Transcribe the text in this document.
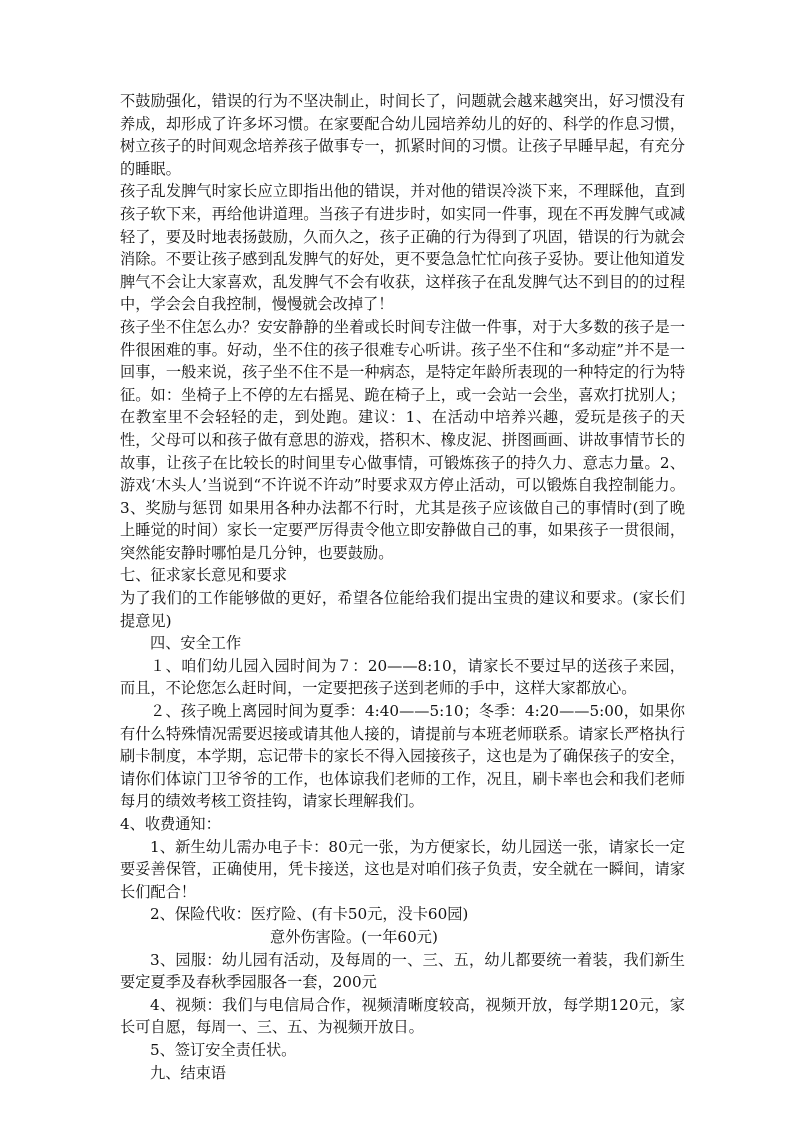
不鼓励强化，错误的行为不坚决制止，时间长了，问题就会越来越突出，好习惯没有养成，却形成了许多坏习惯。在家要配合幼儿园培养幼儿的好的、科学的作息习惯，树立孩子的时间观念培养孩子做事专一，抓紧时间的习惯。让孩子早睡早起，有充分的睡眠。

孩子乱发脾气时家长应立即指出他的错误，并对他的错误冷淡下来，不理睬他，直到孩子软下来，再给他讲道理。当孩子有进步时，如实同一件事，现在不再发脾气或减轻了，要及时地表扬鼓励，久而久之，孩子正确的行为得到了巩固，错误的行为就会消除。不要让孩子感到乱发脾气的好处，更不要急急忙忙向孩子妥协。要让他知道发脾气不会让大家喜欢，乱发脾气不会有收获，这样孩子在乱发脾气达不到目的的过程中，学会会自我控制，慢慢就会改掉了！

孩子坐不住怎么办？安安静静的坐着或长时间专注做一件事，对于大多数的孩子是一件很困难的事。好动，坐不住的孩子很难专心听讲。孩子坐不住和“多动症”并不是一回事，一般来说，孩子坐不住不是一种病态，是特定年龄所表现的一种特定的行为特征。如：坐椅子上不停的左右摇晃、跪在椅子上，或一会站一会坐，喜欢打扰别人；在教室里不会轻轻的走，到处跑。建议：1、在活动中培养兴趣，爱玩是孩子的天性，父母可以和孩子做有意思的游戏，搭积木、橡皮泥、拼图画画、讲故事情节长的故事，让孩子在比较长的时间里专心做事情，可锻炼孩子的持久力、意志力量。2、游戏‘木头人’当说到“不许说不许动”时要求双方停止活动，可以锻炼自我控制能力。3、奖励与惩罚 如果用各种办法都不行时，尤其是孩子应该做自己的事情时(到了晚上睡觉的时间）家长一定要严厉得责令他立即安静做自己的事，如果孩子一贯很闹，突然能安静时哪怕是几分钟，也要鼓励。

七、征求家长意见和要求

为了我们的工作能够做的更好，希望各位能给我们提出宝贵的建议和要求。(家长们提意见)

四、安全工作

１、咱们幼儿园入园时间为７：20——8:10，请家长不要过早的送孩子来园，而且，不论您怎么赶时间，一定要把孩子送到老师的手中，这样大家都放心。

２、孩子晚上离园时间为夏季：4:40——5:10；冬季：4:20——5:00，如果你有什么特殊情况需要迟接或请其他人接的，请提前与本班老师联系。请家长严格执行刷卡制度，本学期，忘记带卡的家长不得入园接孩子，这也是为了确保孩子的安全，请你们体谅门卫爷爷的工作，也体谅我们老师的工作，况且，刷卡率也会和我们老师每月的绩效考核工资挂钩，请家长理解我们。

4、收费通知：

1、新生幼儿需办电子卡：80元一张，为方便家长，幼儿园送一张，请家长一定要妥善保管，正确使用，凭卡接送，这也是对咱们孩子负责，安全就在一瞬间，请家长们配合！

2、保险代收：医疗险、(有卡50元，没卡60园)

意外伤害险。(一年60元)

3、园服：幼儿园有活动，及每周的一、三、五，幼儿都要统一着装，我们新生要定夏季及春秋季园服各一套，200元

4、视频：我们与电信局合作，视频清晰度较高，视频开放，每学期120元，家长可自愿，每周一、三、五、为视频开放日。

5、签订安全责任状。

九、结束语
